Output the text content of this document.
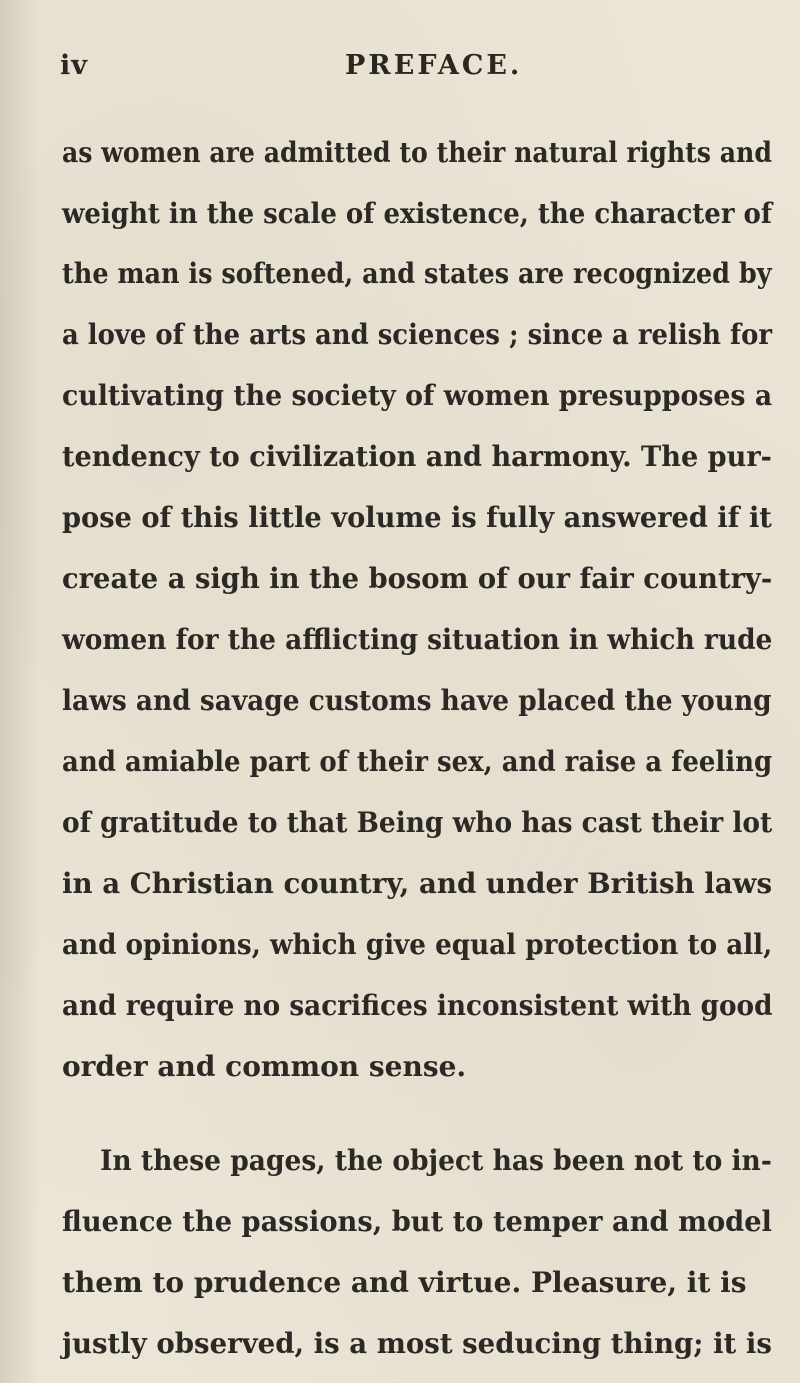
iv	PREFACE.
as women are admitted to their natural rights and
weight in the scale of existence, the character of
the man is softened, and states are recognized by
a love of the arts and sciences ; since a relish for
cultivating the society of women presupposes a
tendency to civilization and harmony. The pur-
pose of this little volume is fully answered if it
create a sigh in the bosom of our fair country-
women for the afflicting situation in which rude
laws and savage customs have placed the young
and amiable part of their sex, and raise a feeling
of gratitude to that Being who has cast their lot
in a Christian country, and under British laws
and opinions, which give equal protection to all,
and require no sacrifices inconsistent with good
order and common sense.
In these pages, the object has been not to in-
fluence the passions, but to temper and model
them to prudence and virtue. Pleasure, it is
justly observed, is a most seducing thing; it is
